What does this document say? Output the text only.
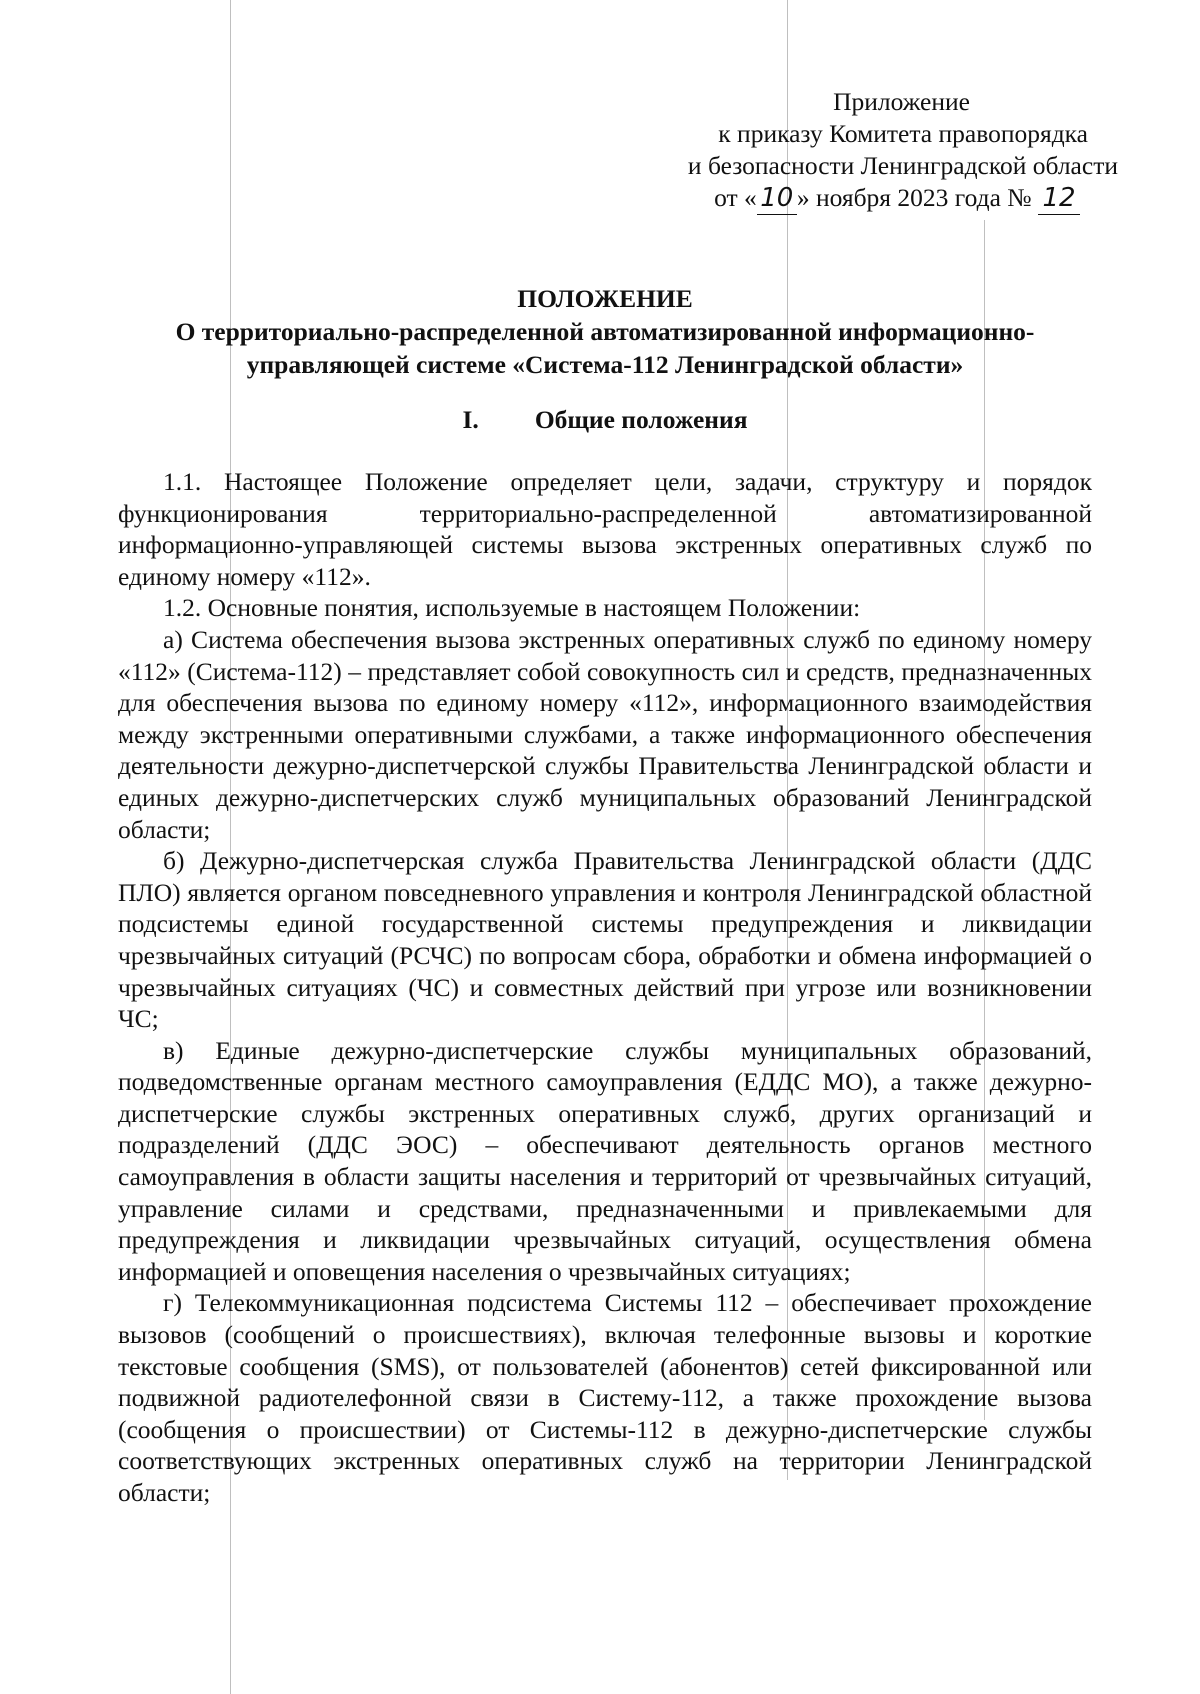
Приложение
к приказу Комитета правопорядка
и безопасности Ленинградской области
от « 10 » ноября 2023 года № 12
ПОЛОЖЕНИЕ
О территориально-распределенной автоматизированной информационно-
управляющей системе «Система-112 Ленинградской области»
I. Общие положения

1.1. Настоящее Положение определяет цели, задачи, структуру и порядок функционирования территориально-распределенной автоматизированной информационно-управляющей системы вызова экстренных оперативных служб по единому номеру «112».

1.2. Основные понятия, используемые в настоящем Положении:

а) Система обеспечения вызова экстренных оперативных служб по единому номеру «112» (Система-112) – представляет собой совокупность сил и средств, предназначенных для обеспечения вызова по единому номеру «112», информационного взаимодействия между экстренными оперативными службами, а также информационного обеспечения деятельности дежурно-диспетчерской службы Правительства Ленинградской области и единых дежурно-диспетчерских служб муниципальных образований Ленинградской области;

б) Дежурно-диспетчерская служба Правительства Ленинградской области (ДДС ПЛО) является органом повседневного управления и контроля Ленинградской областной подсистемы единой государственной системы предупреждения и ликвидации чрезвычайных ситуаций (РСЧС) по вопросам сбора, обработки и обмена информацией о чрезвычайных ситуациях (ЧС) и совместных действий при угрозе или возникновении ЧС;

в) Единые дежурно-диспетчерские службы муниципальных образований, подведомственные органам местного самоуправления (ЕДДС МО), а также дежурно-диспетчерские службы экстренных оперативных служб, других организаций и подразделений (ДДС ЭОС) – обеспечивают деятельность органов местного самоуправления в области защиты населения и территорий от чрезвычайных ситуаций, управление силами и средствами, предназначенными и привлекаемыми для предупреждения и ликвидации чрезвычайных ситуаций, осуществления обмена информацией и оповещения населения о чрезвычайных ситуациях;

г) Телекоммуникационная подсистема Системы 112 – обеспечивает прохождение вызовов (сообщений о происшествиях), включая телефонные вызовы и короткие текстовые сообщения (SMS), от пользователей (абонентов) сетей фиксированной или подвижной радиотелефонной связи в Систему-112, а также прохождение вызова (сообщения о происшествии) от Системы-112 в дежурно-диспетчерские службы соответствующих экстренных оперативных служб на территории Ленинградской области;
